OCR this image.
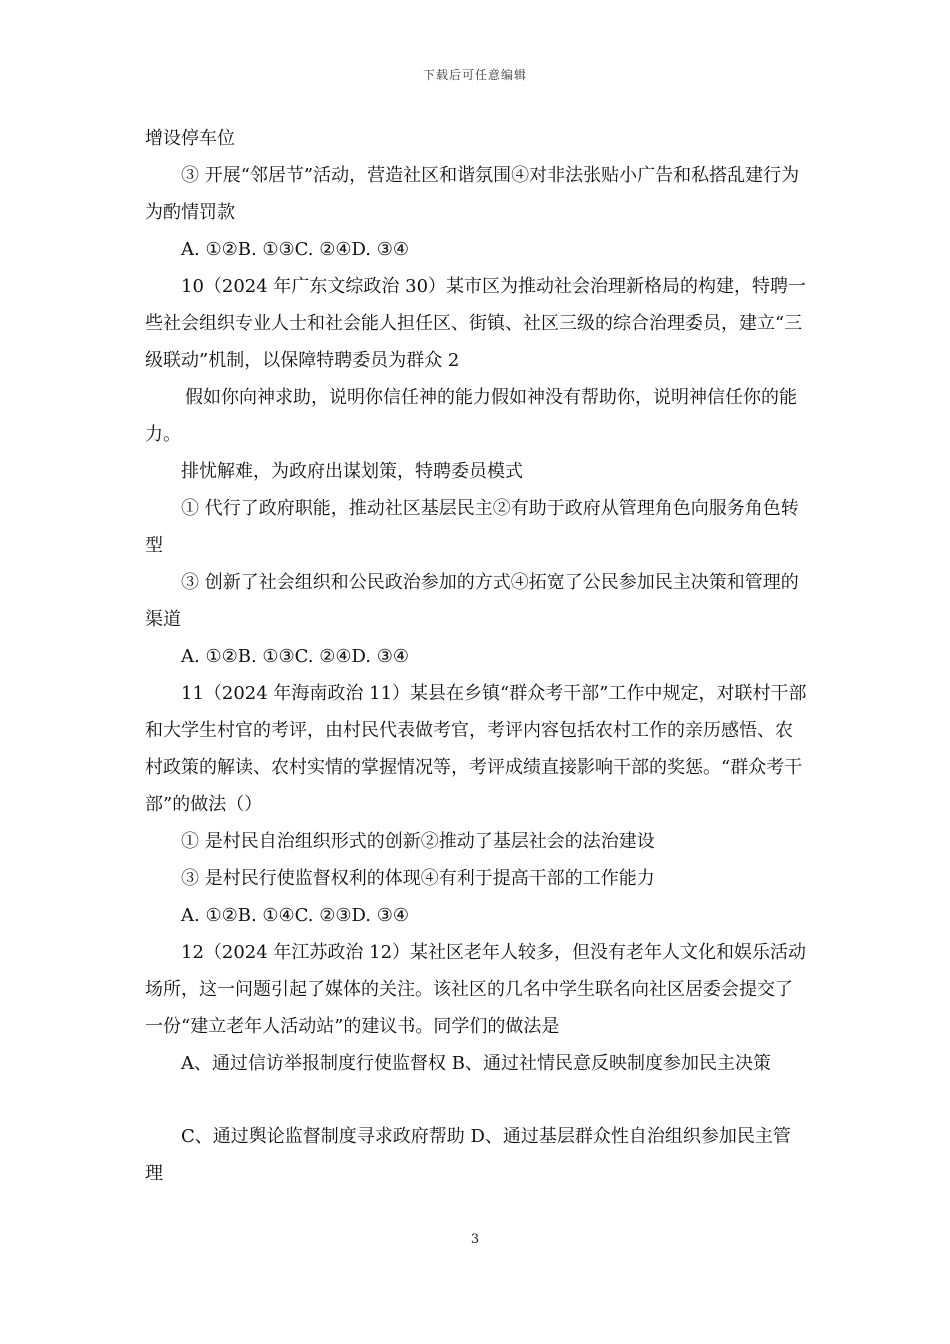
下载后可任意编辑

增设停车位

③ 开展“邻居节”活动，营造社区和谐氛围④对非法张贴小广告和私搭乱建行为为酌情罚款

A. ①②B. ①③C. ②④D. ③④

10（2024 年广东文综政治 30）某市区为推动社会治理新格局的构建，特聘一些社会组织专业人士和社会能人担任区、街镇、社区三级的综合治理委员，建立“三级联动”机制，以保障特聘委员为群众 2

假如你向神求助，说明你信任神的能力假如神没有帮助你，说明神信任你的能力。

排忧解难，为政府出谋划策，特聘委员模式

① 代行了政府职能，推动社区基层民主②有助于政府从管理角色向服务角色转型

③ 创新了社会组织和公民政治参加的方式④拓宽了公民参加民主决策和管理的渠道

A. ①②B. ①③C. ②④D. ③④

11（2024 年海南政治 11）某县在乡镇“群众考干部”工作中规定，对联村干部和大学生村官的考评，由村民代表做考官，考评内容包括农村工作的亲历感悟、农村政策的解读、农村实情的掌握情况等，考评成绩直接影响干部的奖惩。“群众考干部”的做法（）

① 是村民自治组织形式的创新②推动了基层社会的法治建设

③ 是村民行使监督权利的体现④有利于提高干部的工作能力

A. ①②B. ①④C. ②③D. ③④

12（2024 年江苏政治 12）某社区老年人较多，但没有老年人文化和娱乐活动场所，这一问题引起了媒体的关注。该社区的几名中学生联名向社区居委会提交了一份“建立老年人活动站”的建议书。同学们的做法是

A、通过信访举报制度行使监督权 B、通过社情民意反映制度参加民主决策

C、通过舆论监督制度寻求政府帮助 D、通过基层群众性自治组织参加民主管理

3
